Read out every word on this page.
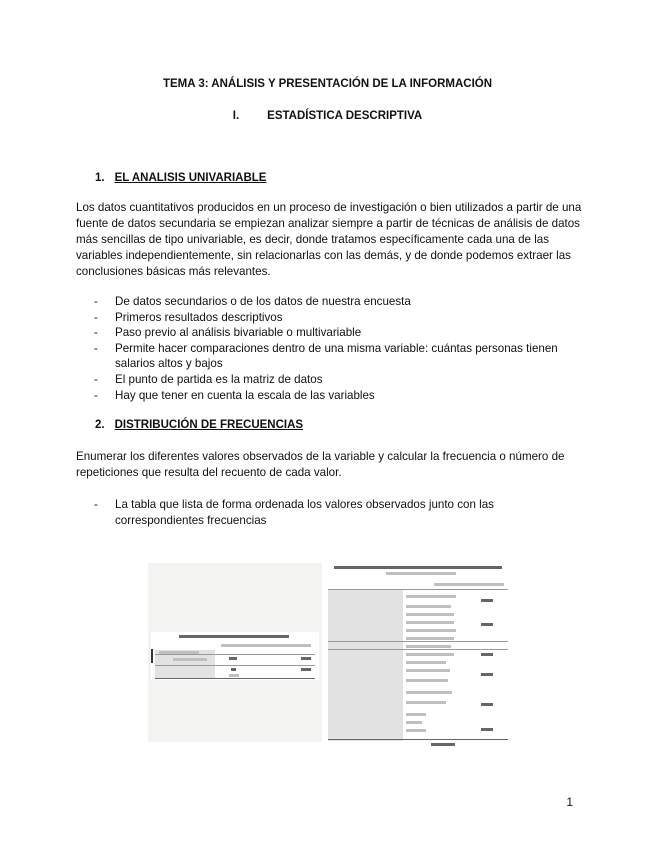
TEMA 3: ANÁLISIS Y PRESENTACIÓN DE LA INFORMACIÓN
I. ESTADÍSTICA DESCRIPTIVA
1. EL ANALISIS UNIVARIABLE
Los datos cuantitativos producidos en un proceso de investigación o bien utilizados a partir de una fuente de datos secundaria se empiezan analizar siempre a partir de técnicas de análisis de datos más sencillas de tipo univariable, es decir, donde tratamos específicamente cada una de las variables independientemente, sin relacionarlas con las demás, y de donde podemos extraer las conclusiones básicas más relevantes.
- De datos secundarios o de los datos de nuestra encuesta
- Primeros resultados descriptivos
- Paso previo al análisis bivariable o multivariable
- Permite hacer comparaciones dentro de una misma variable: cuántas personas tienen salarios altos y bajos
- El punto de partida es la matriz de datos
- Hay que tener en cuenta la escala de las variables
2. DISTRIBUCIÓN DE FRECUENCIAS
Enumerar los diferentes valores observados de la variable y calcular la frecuencia o número de repeticiones que resulta del recuento de cada valor.
- La tabla que lista de forma ordenada los valores observados junto con las correspondientes frecuencias
1
